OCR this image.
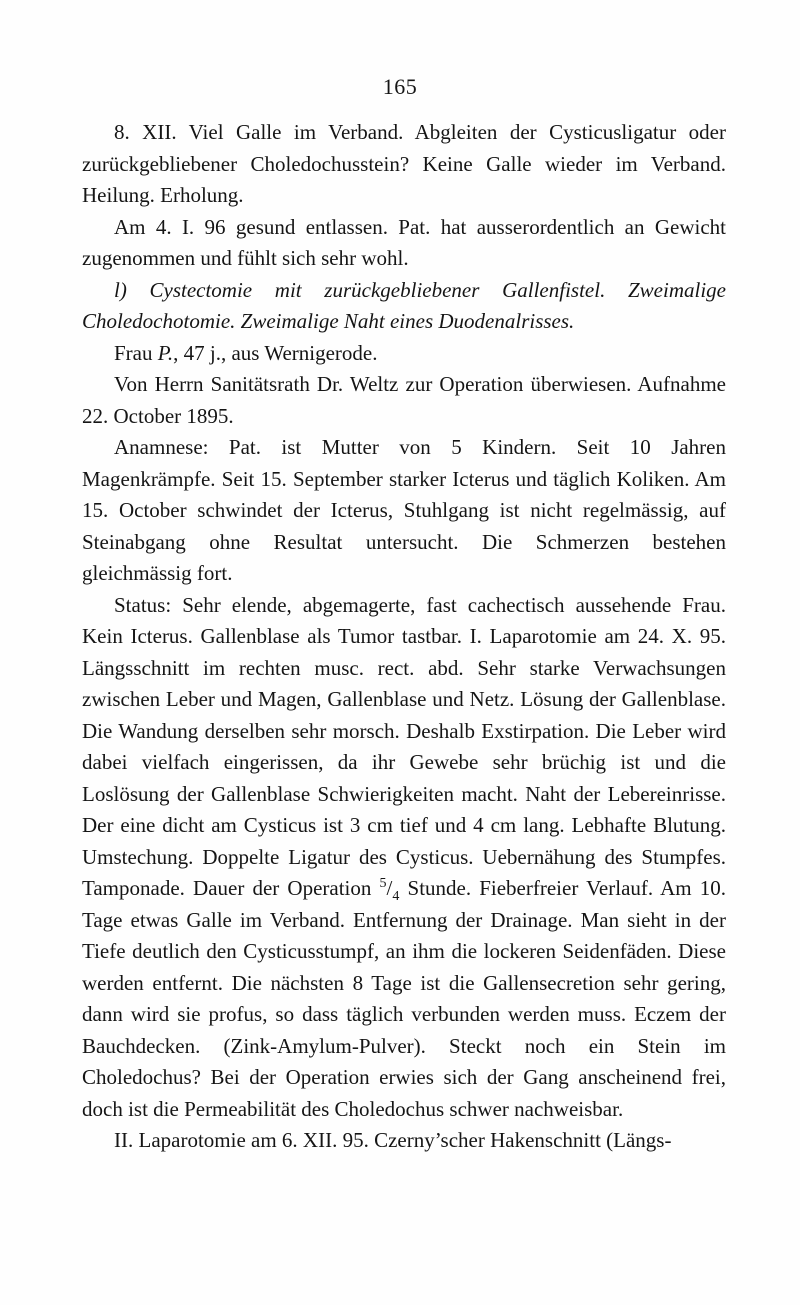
165

8. XII. Viel Galle im Verband. Abgleiten der Cysticusligatur oder zurückgebliebener Choledochusstein? Keine Galle wieder im Verband. Heilung. Erholung.

Am 4. I. 96 gesund entlassen. Pat. hat ausserordentlich an Gewicht zugenommen und fühlt sich sehr wohl.

l) Cystectomie mit zurückgebliebener Gallenfistel. Zweimalige Choledochotomie. Zweimalige Naht eines Duodenalrisses.

Frau P., 47 j., aus Wernigerode.

Von Herrn Sanitätsrath Dr. Weltz zur Operation überwiesen. Aufnahme 22. October 1895.

Anamnese: Pat. ist Mutter von 5 Kindern. Seit 10 Jahren Magenkrämpfe. Seit 15. September starker Icterus und täglich Koliken. Am 15. October schwindet der Icterus, Stuhlgang ist nicht regelmässig, auf Steinabgang ohne Resultat untersucht. Die Schmerzen bestehen gleichmässig fort.

Status: Sehr elende, abgemagerte, fast cachectisch aussehende Frau. Kein Icterus. Gallenblase als Tumor tastbar. I. Laparotomie am 24. X. 95. Längsschnitt im rechten musc. rect. abd. Sehr starke Verwachsungen zwischen Leber und Magen, Gallenblase und Netz. Lösung der Gallenblase. Die Wandung derselben sehr morsch. Deshalb Exstirpation. Die Leber wird dabei vielfach eingerissen, da ihr Gewebe sehr brüchig ist und die Loslösung der Gallenblase Schwierigkeiten macht. Naht der Lebereinrisse. Der eine dicht am Cysticus ist 3 cm tief und 4 cm lang. Lebhafte Blutung. Umstechung. Doppelte Ligatur des Cysticus. Uebernähung des Stumpfes. Tamponade. Dauer der Operation $^5/_4$ Stunde. Fieberfreier Verlauf. Am 10. Tage etwas Galle im Verband. Entfernung der Drainage. Man sieht in der Tiefe deutlich den Cysticusstumpf, an ihm die lockeren Seidenfäden. Diese werden entfernt. Die nächsten 8 Tage ist die Gallensecretion sehr gering, dann wird sie profus, so dass täglich verbunden werden muss. Eczem der Bauchdecken. (Zink-Amylum-Pulver). Steckt noch ein Stein im Choledochus? Bei der Operation erwies sich der Gang anscheinend frei, doch ist die Permeabilität des Choledochus schwer nachweisbar.

II. Laparotomie am 6. XII. 95. Czerny’scher Hakenschnitt (Längs-
